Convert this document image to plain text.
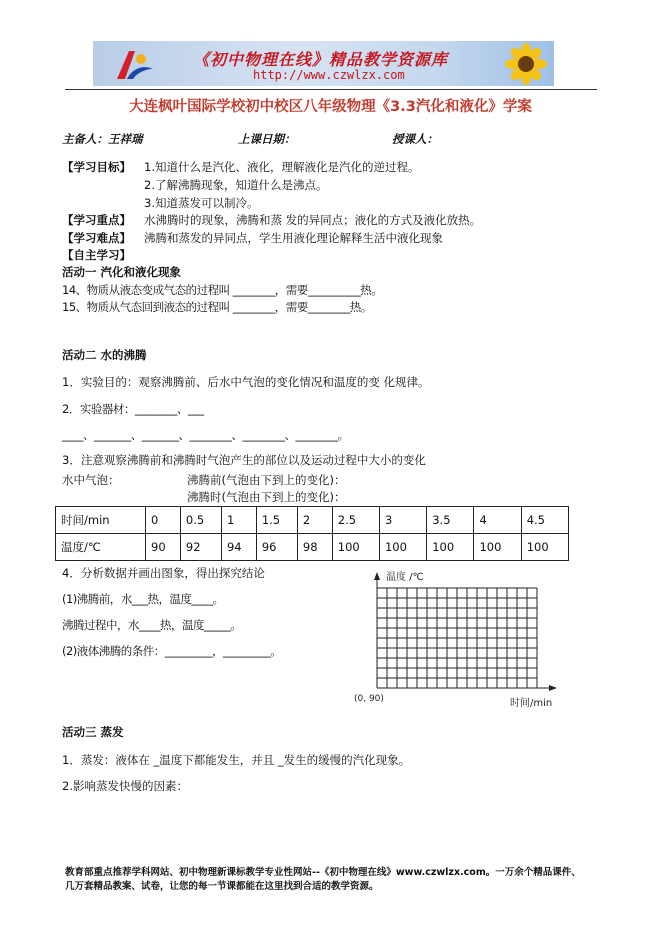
《初中物理在线》精品教学资源库
http://www.czwlzx.com
大连枫叶国际学校初中校区八年级物理《3.3汽化和液化》学案
主备人：王祥瑞	上课日期：	授课人：
【学习目标】 1.知道什么是汽化、液化，理解液化是汽化的逆过程。
2.了解沸腾现象，知道什么是沸点。
3.知道蒸发可以制冷。
【学习重点】 水沸腾时的现象，沸腾和蒸 发的异同点；液化的方式及液化放热。
【学习难点】 沸腾和蒸发的异同点，学生用液化理论解释生活中液化现象
【自主学习】
活动一 汽化和液化现象
14、物质从液态变成气态的过程叫 ________，需要__________热。
15、物质从气态回到液态的过程叫 ________，需要________热。
活动二 水的沸腾
1．实验目的：观察沸腾前、后水中气泡的变化情况和温度的变 化规律。
2．实验器材：________、___
____、_______、_______、________、________、________。
3．注意观察沸腾前和沸腾时气泡产生的部位以及运动过程中大小的变化
水中气泡：	沸腾前(气泡由下到上的变化)：
沸腾时(气泡由下到上的变化)：
时间/min	0	0.5	1	1.5	2	2.5	3	3.5	4	4.5
温度/℃	90	92	94	96	98	100	100	100	100	100
4．分析数据并画出图象，得出探究结论
(1)沸腾前，水___热，温度____。
沸腾过程中，水____热，温度_____。
(2)液体沸腾的条件：_________，_________。
温度 /℃
时间/min
(0, 90)
活动三 蒸发
1．蒸发：液体在 _温度下都能发生，并且 _发生的缓慢的汽化现象。
2.影响蒸发快慢的因素：
教育部重点推荐学科网站、初中物理新课标教学专业性网站--《初中物理在线》www.czwlzx.com。一万余个精品课件、
几万套精品教案、试卷，让您的每一节课都能在这里找到合适的教学资源。
